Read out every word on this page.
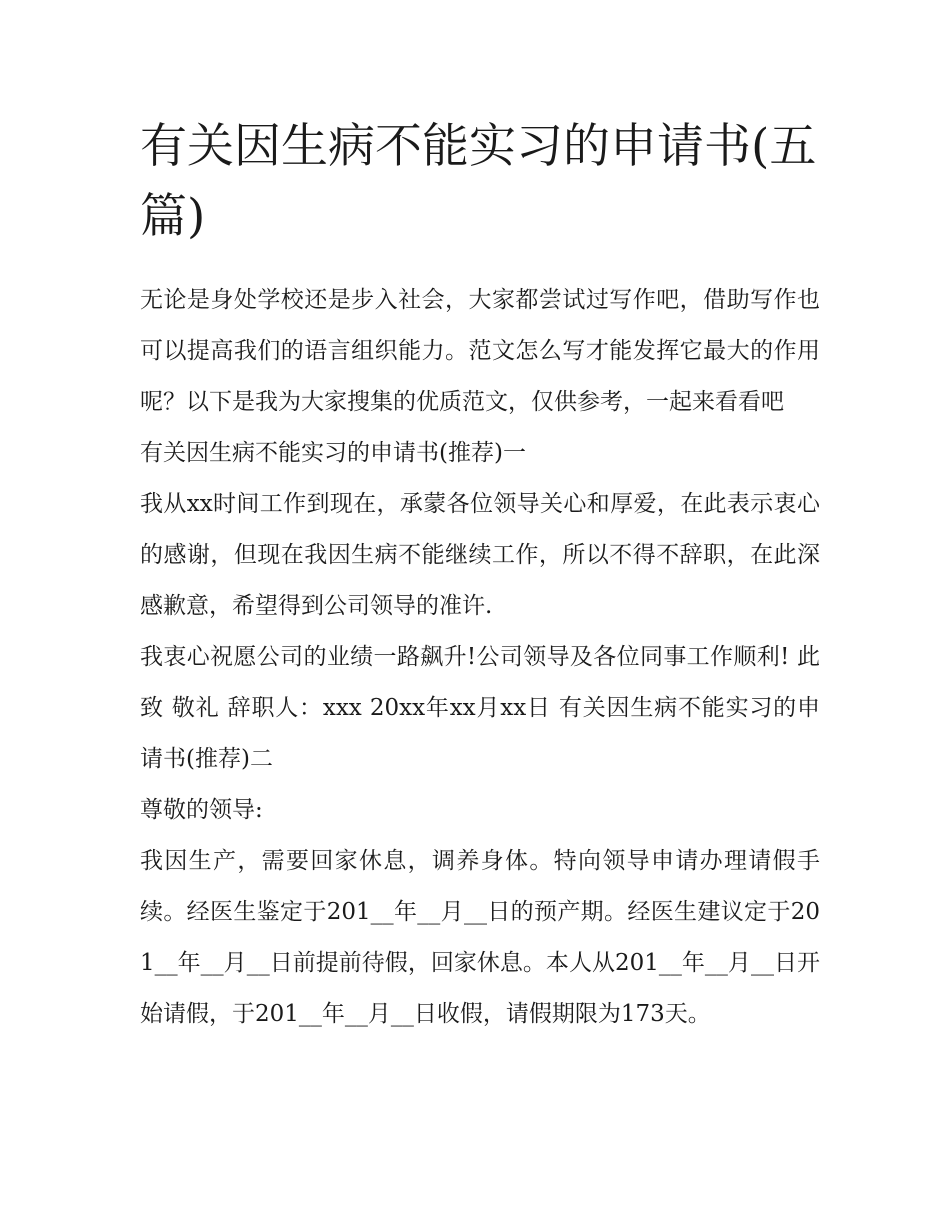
有关因生病不能实习的申请书(五篇)

无论是身处学校还是步入社会，大家都尝试过写作吧，借助写作也可以提高我们的语言组织能力。范文怎么写才能发挥它最大的作用呢？以下是我为大家搜集的优质范文，仅供参考，一起来看看吧

有关因生病不能实习的申请书(推荐)一

我从xx时间工作到现在，承蒙各位领导关心和厚爱，在此表示衷心的感谢，但现在我因生病不能继续工作，所以不得不辞职，在此深感歉意，希望得到公司领导的准许.

我衷心祝愿公司的业绩一路飙升!公司领导及各位同事工作顺利! 此致 敬礼 辞职人：xxx 20xx年xx月xx日 有关因生病不能实习的申请书(推荐)二

尊敬的领导:

我因生产，需要回家休息，调养身体。特向领导申请办理请假手续。经医生鉴定于201__年__月__日的预产期。经医生建议定于201__年__月__日前提前待假，回家休息。本人从201__年__月__日开始请假，于201__年__月__日收假，请假期限为173天。
